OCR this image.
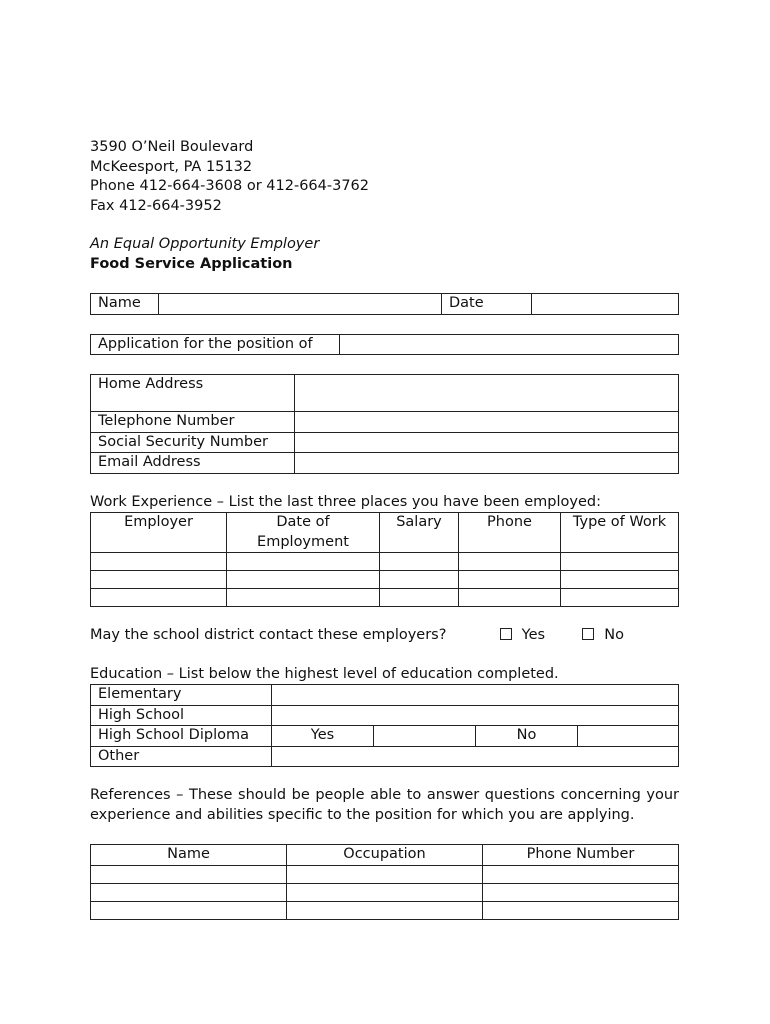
3590 O’Neil Boulevard
McKeesport, PA 15132
Phone 412-664-3608 or 412-664-3762
Fax 412-664-3952
An Equal Opportunity Employer
Food Service Application
Name		Date	
Application for the position of	
Home Address	
Telephone Number	
Social Security Number	
Email Address	
Work Experience – List the last three places you have been employed:
Employer	Date of Employment	Salary	Phone	Type of Work

May the school district contact these employers?	Yes	No
Education – List below the highest level of education completed.
Elementary				
High School				
High School Diploma	Yes		No	
Other				
References – These should be people able to answer questions concerning your experience and abilities specific to the position for which you are applying.
Name	Occupation	Phone Number
